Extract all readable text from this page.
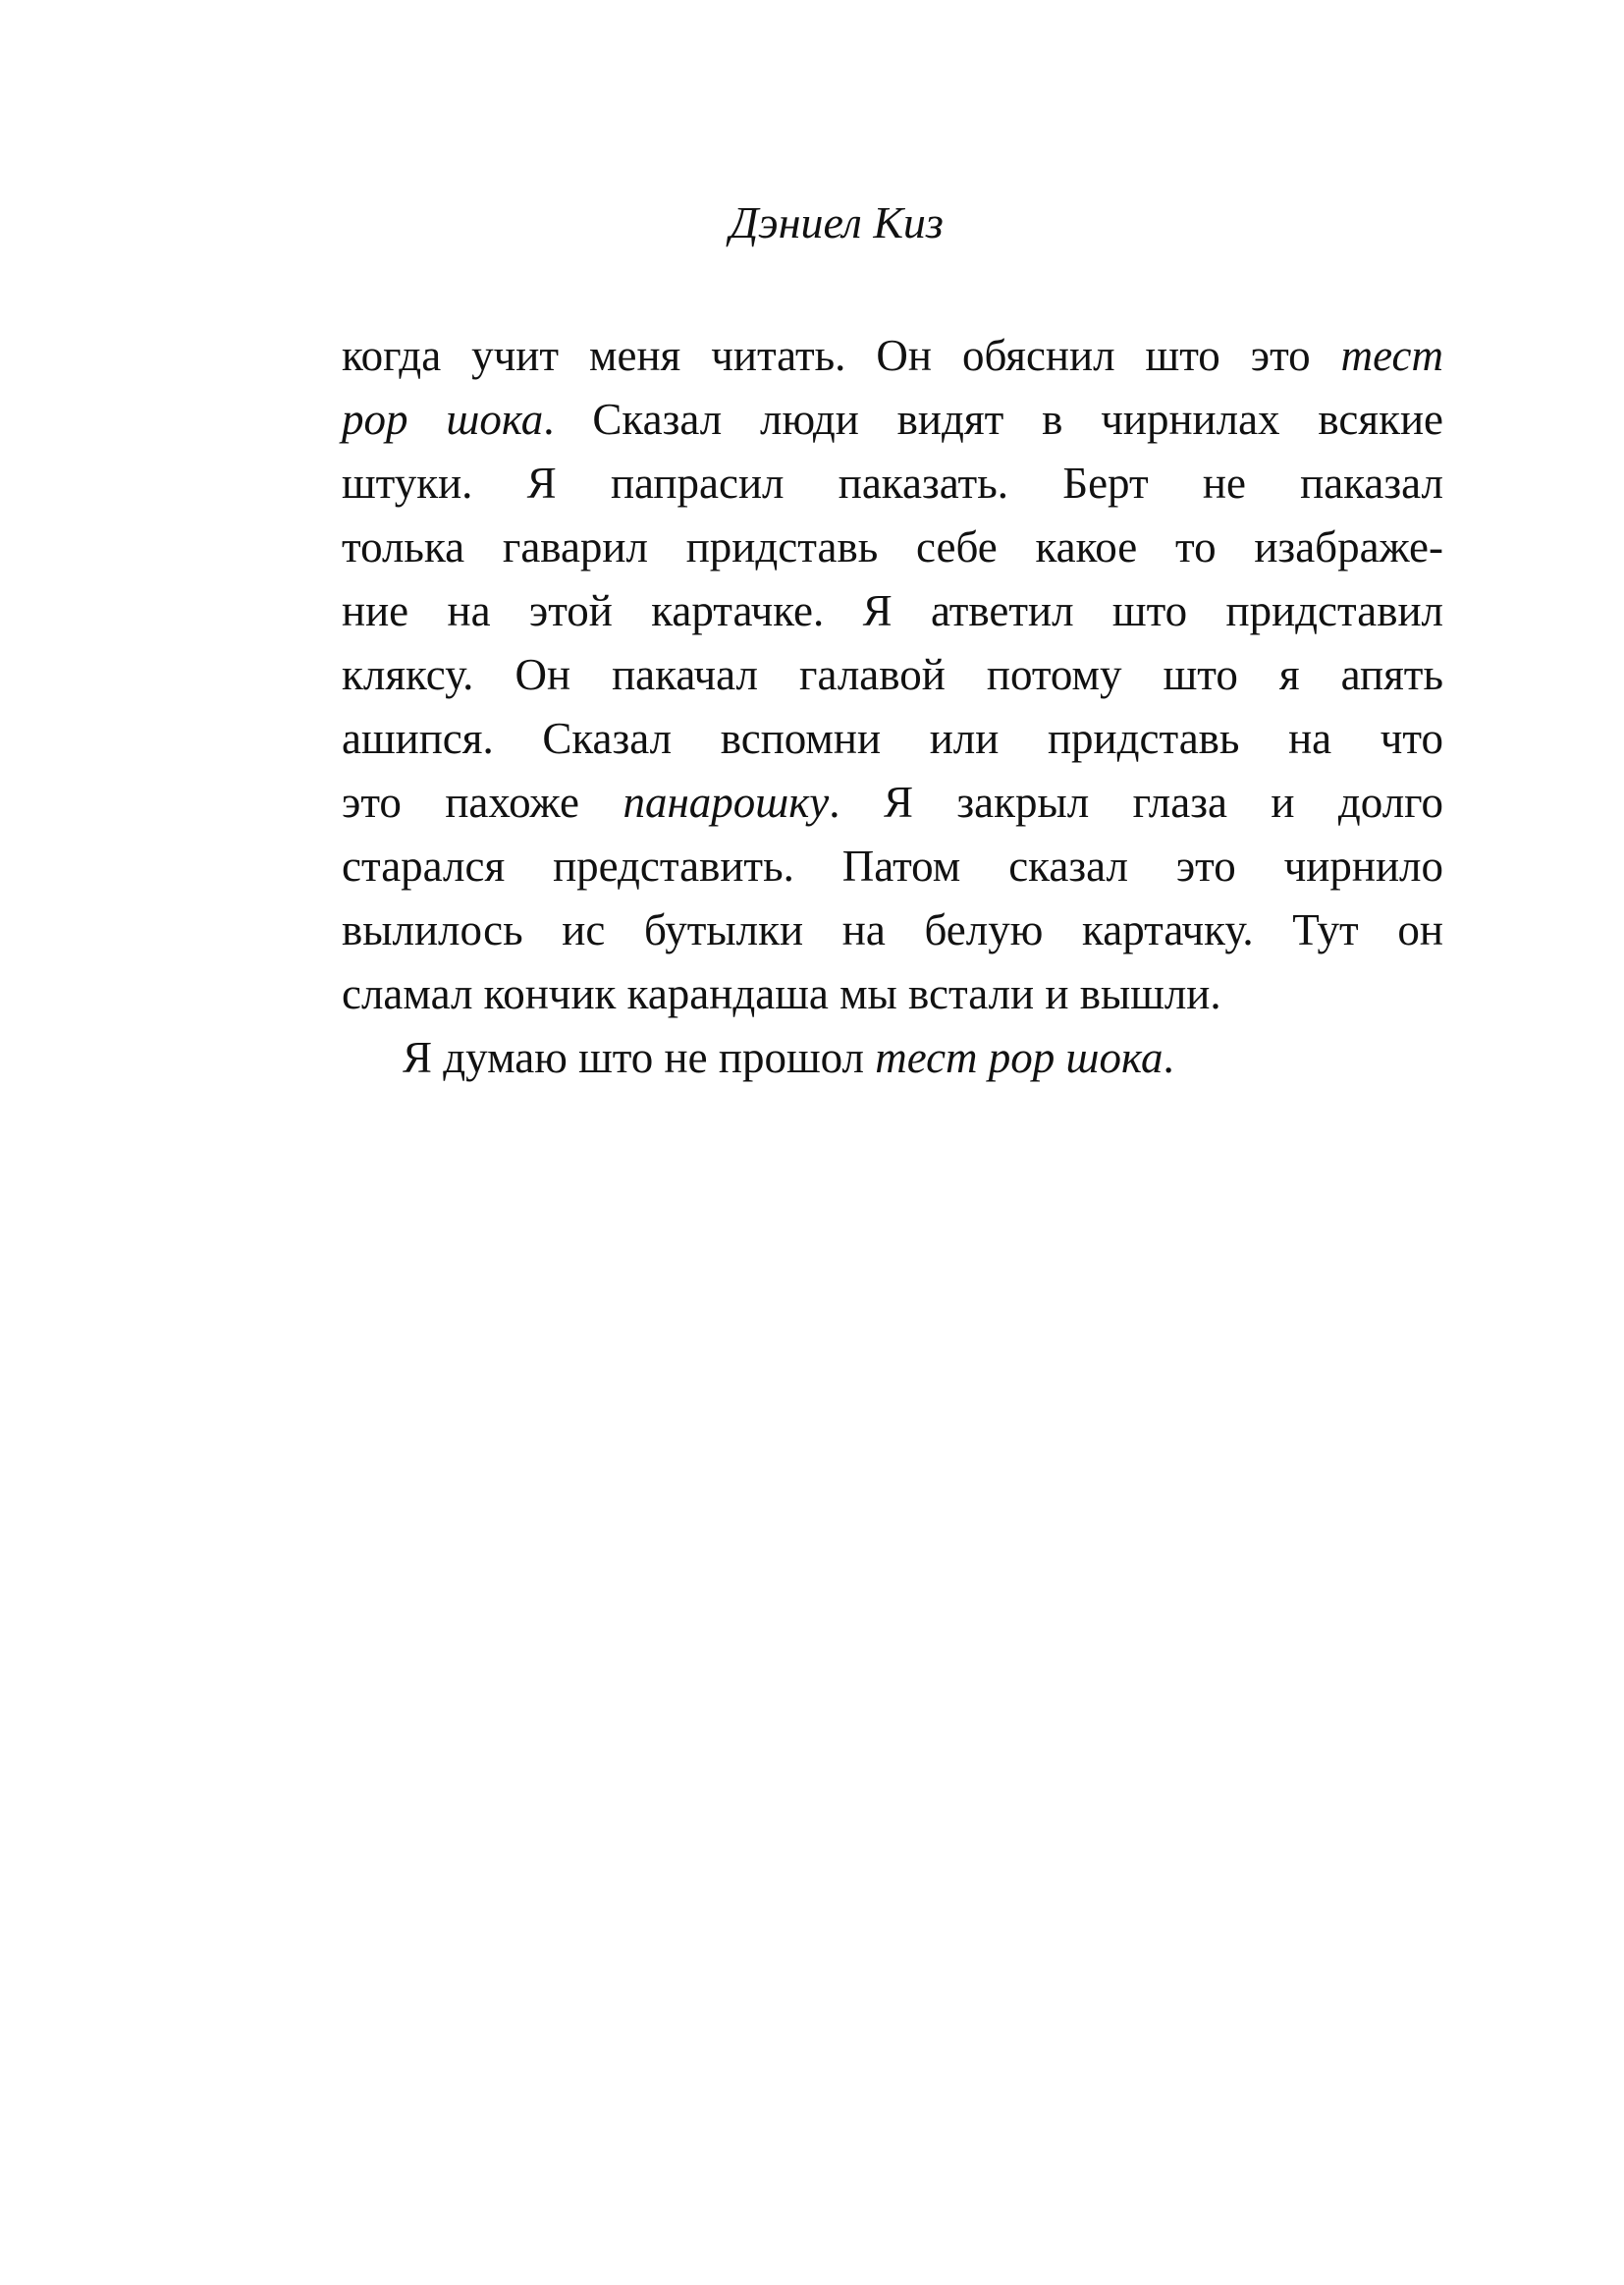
Дэниел Киз
когда учит меня читать. Он обяснил што это тест
роp шока. Сказал люди видят в чирнилах всякие
штуки. Я папрасил паказать. Берт не паказал
толька гаварил придставь себе какое то изабраже-
ние на этой картачке. Я атветил што придставил
кляксу. Он пакачал галавой потому што я апять
ашипся. Сказал вспомни или придставь на что
это пахоже панарошку. Я закрыл глаза и долго
старался представить. Патом сказал это чирнило
вылилось ис бутылки на белую картачку. Тут он
сламал кончик карандаша мы встали и вышли.
Я думаю што не прошол тест роp шока.
